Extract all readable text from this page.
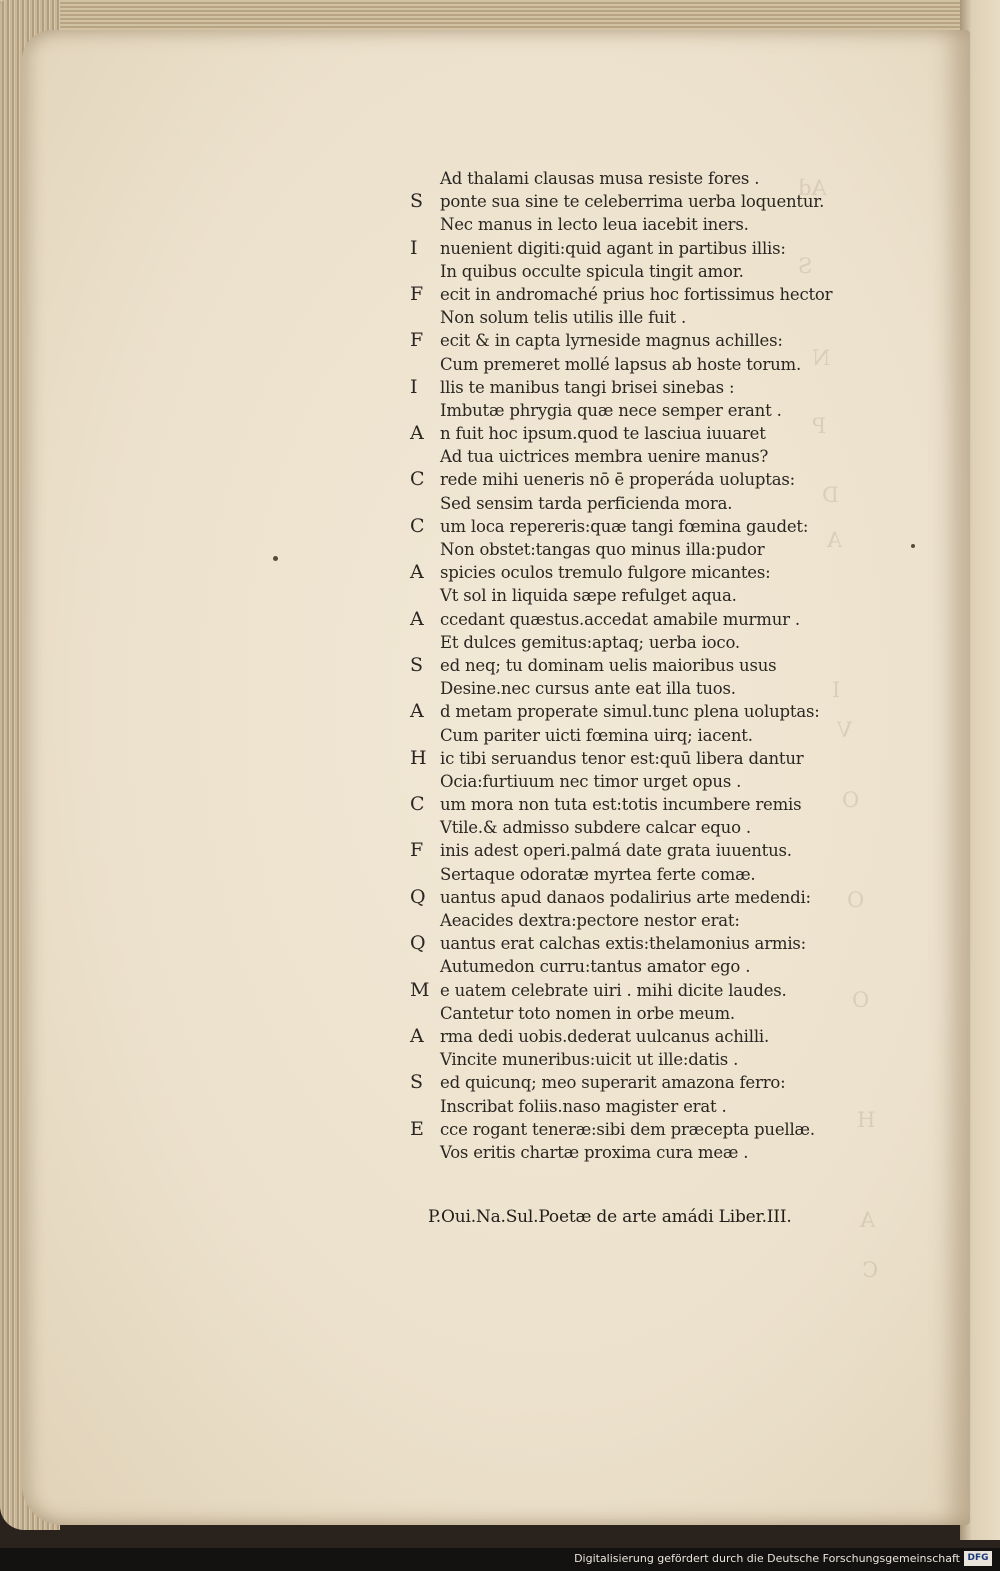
Ad
S
N
P
D
A
I
V
O
O
O
H
A
C
Ad thalami clausas musa resiste fores .
S	ponte sua sine te celeberrima uerba loquentur.
Nec manus in lecto leua iacebit iners.
I	nuenient digiti:quid agant in partibus illis:
In quibus occulte spicula tingit amor.
F	ecit in andromaché prius hoc fortissimus hector
Non solum telis utilis ille fuit .
F	ecit & in capta lyrneside magnus achilles:
Cum premeret mollé lapsus ab hoste torum.
I	llis te manibus tangi brisei sinebas :
Imbutæ phrygia quæ nece semper erant .
A n fuit hoc ipsum.quod te lasciua iuuaret
Ad tua uictrices membra uenire manus?
C rede mihi ueneris nō ē properáda uoluptas:
Sed sensim tarda perficienda mora.
C um loca repereris:quæ tangi fœmina gaudet:
Non obstet:tangas quo minus illa:pudor
A spicies oculos tremulo fulgore micantes:
Vt sol in liquida sæpe refulget aqua.
A ccedant quæstus.accedat amabile murmur .
Et dulces gemitus:aptaq; uerba ioco.
S	ed neq; tu dominam uelis maioribus usus
Desine.nec cursus ante eat illa tuos.
A d metam properate simul.tunc plena uoluptas:
Cum pariter uicti fœmina uirq; iacent.
H ic tibi seruandus tenor est:quū libera dantur
Ocia:furtiuum nec timor urget opus .
C um mora non tuta est:totis incumbere remis
Vtile.& admisso subdere calcar equo .
F	inis adest operi.palmá date grata iuuentus.
Sertaque odoratæ myrtea ferte comæ.
Q uantus apud danaos podalirius arte medendi:
Aeacides dextra:pectore nestor erat:
Q uantus erat calchas extis:thelamonius armis:
Autumedon curru:tantus amator ego .
M e uatem celebrate uiri . mihi dicite laudes.
Cantetur toto nomen in orbe meum.
A rma dedi uobis.dederat uulcanus achilli.
Vincite muneribus:uicit ut ille:datis .
S	ed quicunq; meo superarit amazona ferro:
Inscribat foliis.naso magister erat .
E cce rogant teneræ:sibi dem præcepta puellæ.
Vos eritis chartæ proxima cura meæ .
P.Oui.Na.Sul.Poetæ de arte amádi Liber.III.
Digitalisierung gefördert durch die Deutsche Forschungsgemeinschaft DFG
